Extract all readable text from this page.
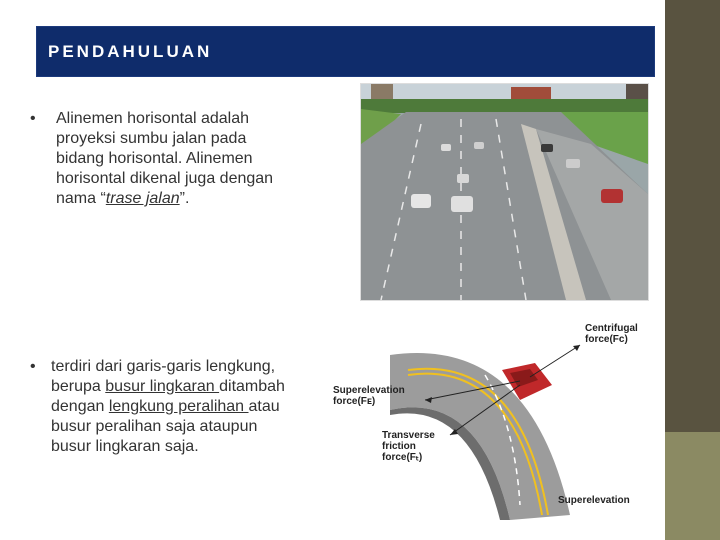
PENDAHULUAN
• Alinemen horisontal adalah proyeksi sumbu jalan pada bidang horisontal. Alinemen horisontal dikenal juga dengan nama “trase jalan”.
• terdiri dari garis-garis lengkung, berupa busur lingkaran ditambah dengan lengkung peralihan atau busur peralihan saja ataupun busur lingkaran saja.
Centrifugal
force(Fᴄ)
Superelevation
force(Fᴇ)
Transverse
friction
force(Fₜ)
Superelevation
